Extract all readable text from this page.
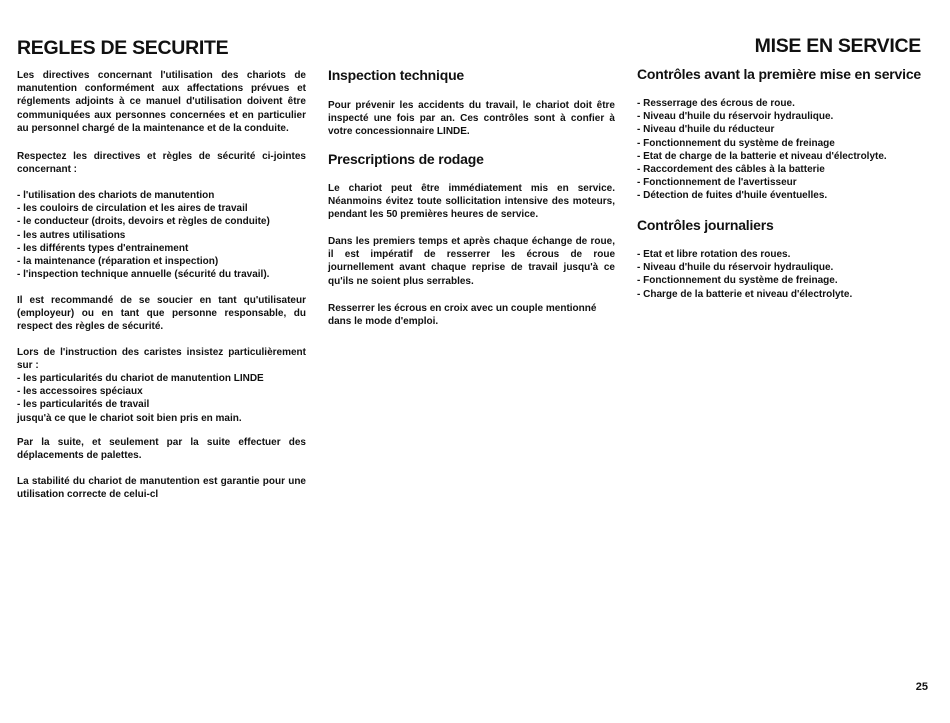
REGLES DE SECURITE	MISE EN SERVICE

Les directives concernant l'utilisation des chariots de manutention conformément aux affectations prévues et réglements adjoints à ce manuel d'utilisation doivent être communiquées aux personnes concernées et en particulier au personnel chargé de la maintenance et de la conduite.

Respectez les directives et règles de sécurité ci-jointes concernant :

- l'utilisation des chariots de manutention
- les couloirs de circulation et les aires de travail
- le conducteur (droits, devoirs et règles de conduite)
- les autres utilisations
- les différents types d'entrainement
- la maintenance (réparation et inspection)
- l'inspection technique annuelle (sécurité du travail).

Il est recommandé de se soucier en tant qu'utilisateur (employeur) ou en tant que personne responsable, du respect des règles de sécurité.

Lors de l'instruction des caristes insistez particulièrement sur :

- les particularités du chariot de manutention LINDE
- les accessoires spéciaux
- les particularités de travail
jusqu'à ce que le chariot soit bien pris en main.

Par la suite, et seulement par la suite effectuer des déplacements de palettes.

La stabilité du chariot de manutention est garantie pour une utilisation correcte de celui-cl

Inspection technique

Pour prévenir les accidents du travail, le chariot doit être inspecté une fois par an. Ces contrôles sont à confier à votre concessionnaire LINDE.

Prescriptions de rodage

Le chariot peut être immédiatement mis en service. Néanmoins évitez toute sollicitation intensive des moteurs, pendant les 50 premières heures de service.

Dans les premiers temps et après chaque échange de roue, il est impératif de resserrer les écrous de roue journellement avant chaque reprise de travail jusqu'à ce qu'ils ne soient plus serrables.

Resserrer les écrous en croix avec un couple mentionné dans le mode d'emploi.

Contrôles avant la première mise en service
- Resserrage des écrous de roue.
- Niveau d'huile du réservoir hydraulique.
- Niveau d'huile du réducteur
- Fonctionnement du système de freinage
- Etat de charge de la batterie et niveau d'électrolyte.
- Raccordement des câbles à la batterie
- Fonctionnement de l'avertisseur
- Détection de fuites d'huile éventuelles.
Contrôles journaliers
- Etat et libre rotation des roues.
- Niveau d'huile du réservoir hydraulique.
- Fonctionnement du système de freinage.
- Charge de la batterie et niveau d'électrolyte.
25
